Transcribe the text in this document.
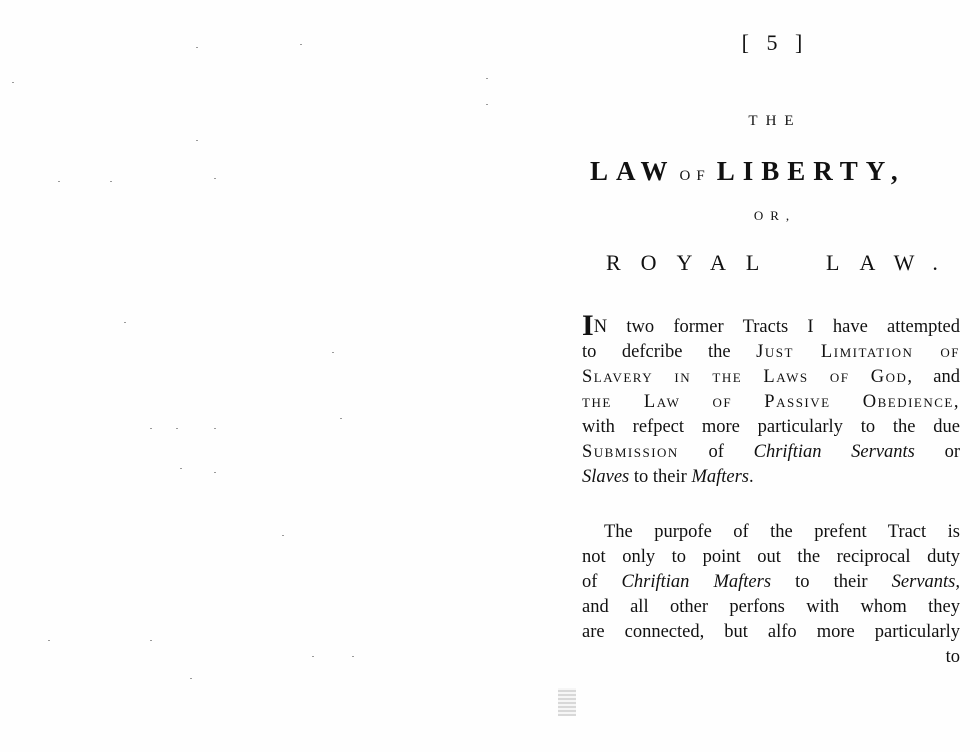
[ 5 ]
THE
LAW OF LIBERTY,
OR,
ROYAL LAW.
IN two former Tracts I have attempted
to defcribe the Just Limitation of
Slavery in the Laws of God, and
the Law of Passive Obedience,
with refpect more particularly to the due
Submission of Chriftian Servants or
Slaves to their Mafters.
The purpofe of the prefent Tract is
not only to point out the reciprocal duty
of Chriftian Mafters to their Servants,
and all other perfons with whom they
are connected, but alfo more particularly
to
